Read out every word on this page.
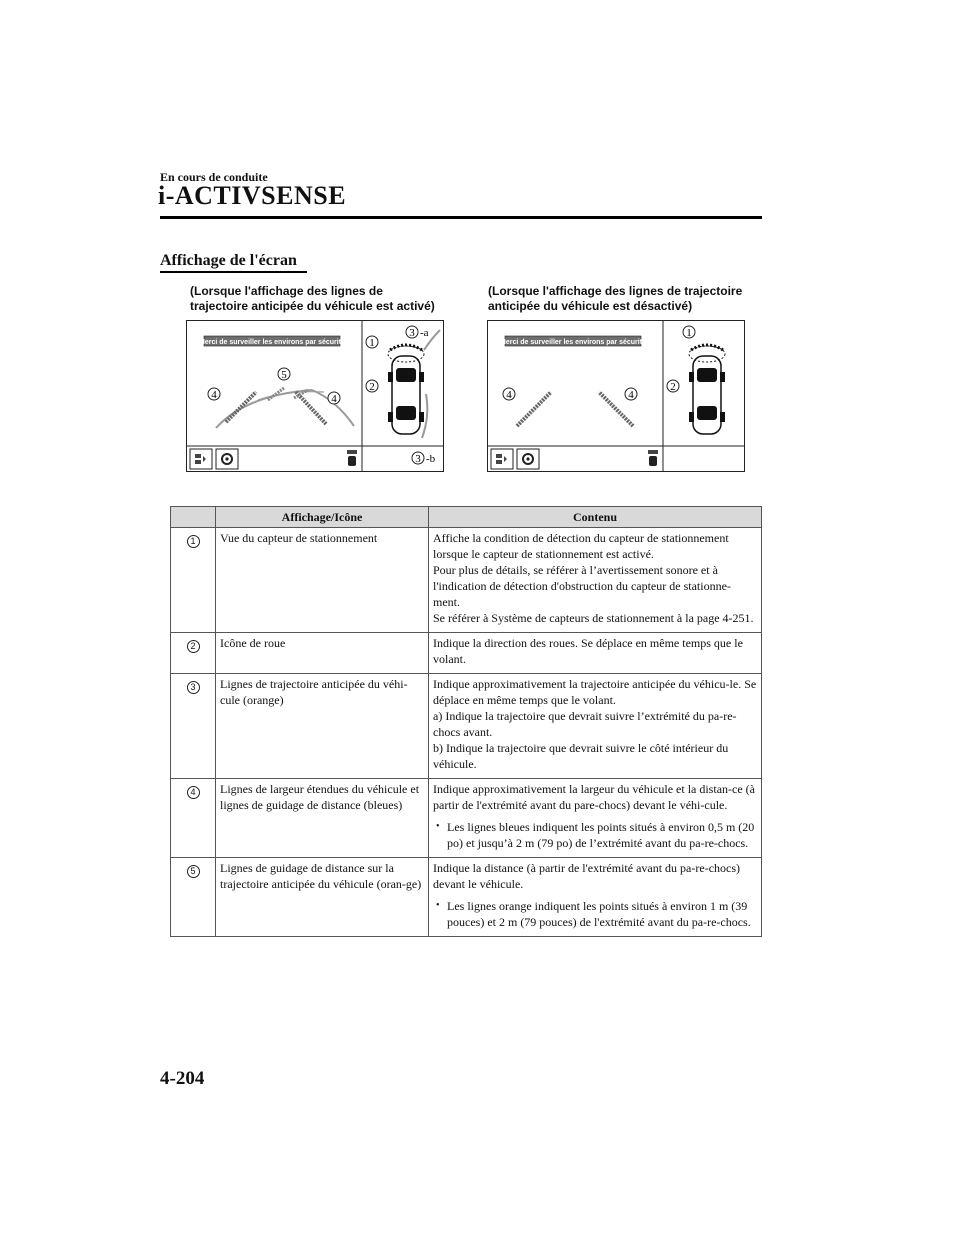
En cours de conduite
i-ACTIVSENSE
Affichage de l'écran
(Lorsque l'affichage des lignes de
trajectoire anticipée du véhicule est activé)
(Lorsque l'affichage des lignes de trajectoire
anticipée du véhicule est désactivé)
Merci de surveiller les environs par sécurité
4	4
5
1
3 -a
2
3 -b
Merci de surveiller les environs par sécurité
4	4
1
2
	Affichage/Icône	Contenu
1	Vue du capteur de stationnement	Affiche la condition de détection du capteur de stationnement lorsque le capteur de stationnement est activé.
Pour plus de détails, se référer à l’avertissement sonore et à l'indication de détection d'obstruction du capteur de stationne-ment.
Se référer à Système de capteurs de stationnement à la page 4-251.

2	Icône de roue	Indique la direction des roues. Se déplace en même temps que le volant.

3	Lignes de trajectoire anticipée du véhi-cule (orange)	Indique approximativement la trajectoire anticipée du véhicu-le. Se déplace en même temps que le volant.
a) Indique la trajectoire que devrait suivre l’extrémité du pa-re-chocs avant.
b) Indique la trajectoire que devrait suivre le côté intérieur du véhicule.

4	Lignes de largeur étendues du véhicule et lignes de guidage de distance (bleues)	Indique approximativement la largeur du véhicule et la distan-ce (à partir de l'extrémité avant du pare-chocs) devant le véhi-cule.
• Les lignes bleues indiquent les points situés à environ 0,5 m (20 po) et jusqu’à 2 m (79 po) de l’extrémité avant du pa-re-chocs.

5	Lignes de guidage de distance sur la trajectoire anticipée du véhicule (oran-ge)	Indique la distance (à partir de l'extrémité avant du pa-re-chocs) devant le véhicule.
• Les lignes orange indiquent les points situés à environ 1 m (39 pouces) et 2 m (79 pouces) de l'extrémité avant du pa-re-chocs.
4-204
